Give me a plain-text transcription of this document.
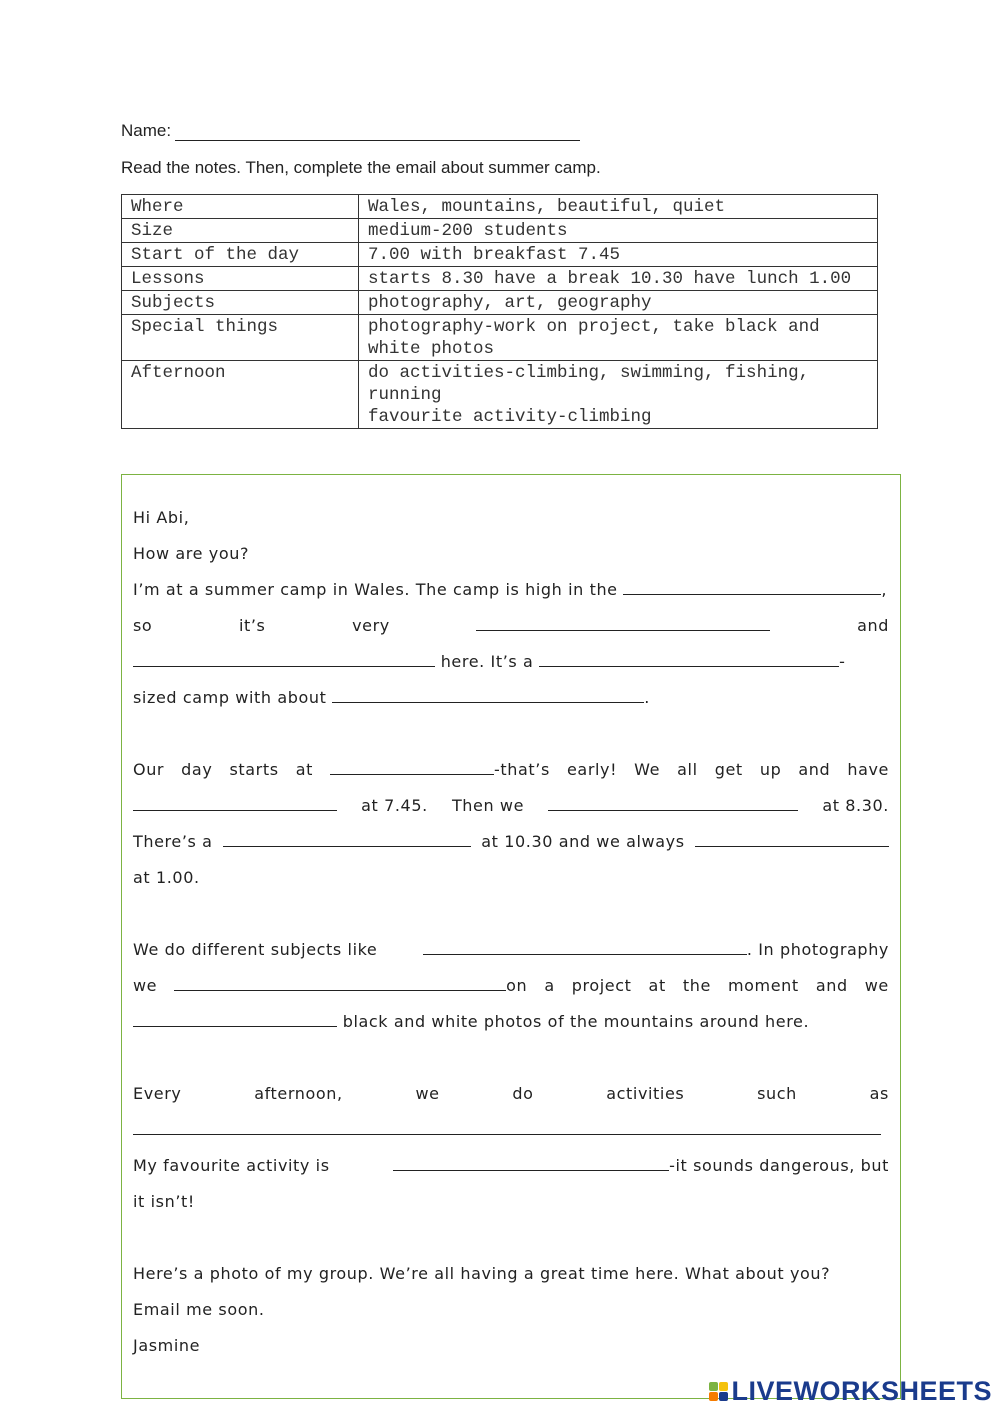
Name:
Read the notes. Then, complete the email about summer camp.
Where	Wales, mountains, beautiful, quiet
Size	medium-200 students
Start of the day	7.00 with breakfast 7.45
Lessons	starts 8.30 have a break 10.30 have lunch 1.00
Subjects	photography, art, geography
Special things	photography-work on project, take black and white photos
Afternoon	do activities-climbing, swimming, fishing, running
favourite activity-climbing
Hi Abi,
How are you?
I’m at a summer camp in Wales. The camp is high in the	,
so	it’s	very	and
here. It’s a	-
sized camp with about	.
Our day starts at	-that’s early! We all get up and have
at 7.45. Then we	at 8.30.
There’s a	at 10.30 and we always
at 1.00.
We do different subjects like	. In photography
we	on a project at the moment and we
black and white photos of the mountains around here.
Every	afternoon,	we	do	activities	such	as
My favourite activity is	-it sounds dangerous, but
it isn’t!
Here’s a photo of my group. We’re all having a great time here. What about you?
Email me soon.
Jasmine
LIVEWORKSHEETS
